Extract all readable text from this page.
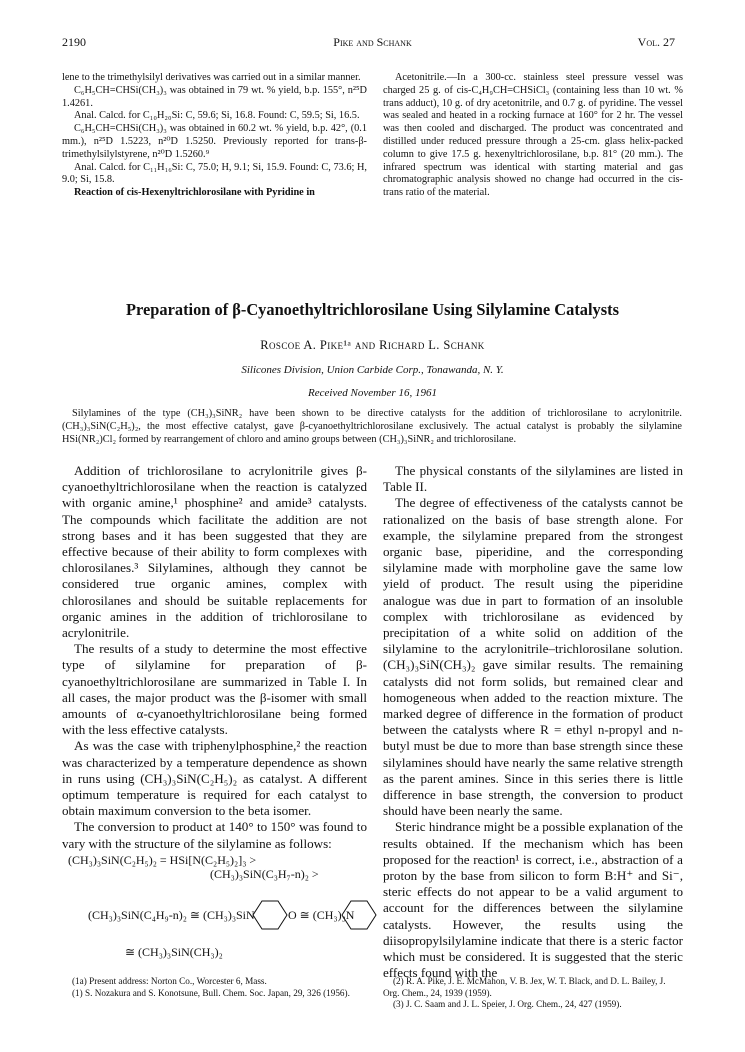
2190	Pike and Schank	Vol. 27

lene to the trimethylsilyl derivatives was carried out in a similar manner.

C₆H₅CH=CHSi(CH₃)₃ was obtained in 79 wt. % yield, b.p. 155°, n²⁵D 1.4261.

Anal. Calcd. for C₁₀H₂₀Si: C, 59.6; Si, 16.8. Found: C, 59.5; Si, 16.5.

C₆H₅CH=CHSi(CH₃)₃ was obtained in 60.2 wt. % yield, b.p. 42°, (0.1 mm.), n²⁵D 1.5223, n²⁰D 1.5250. Previously reported for trans-β-trimethylsilylstyrene, n²⁰D 1.5260.⁹

Anal. Calcd. for C₁₁H₁₆Si: C, 75.0; H, 9.1; Si, 15.9. Found: C, 73.6; H, 9.0; Si, 15.8.

Reaction of cis-Hexenyltrichlorosilane with Pyridine in

Acetonitrile.—In a 300-cc. stainless steel pressure vessel was charged 25 g. of cis-C₄H₉CH=CHSiCl₃ (containing less than 10 wt. % trans adduct), 10 g. of dry acetonitrile, and 0.7 g. of pyridine. The vessel was sealed and heated in a rocking furnace at 160° for 2 hr. The vessel was then cooled and discharged. The product was concentrated and distilled under reduced pressure through a 25-cm. glass helix-packed column to give 17.5 g. hexenyltrichlorosilane, b.p. 81° (20 mm.). The infrared spectrum was identical with starting material and gas chromatographic analysis showed no change had occurred in the cis-trans ratio of the material.

Preparation of β-Cyanoethyltrichlorosilane Using Silylamine Catalysts
Roscoe A. Pike¹ᵃ and Richard L. Schank
Silicones Division, Union Carbide Corp., Tonawanda, N. Y.
Received November 16, 1961
Silylamines of the type (CH₃)₃SiNR₂ have been shown to be directive catalysts for the addition of trichlorosilane to acrylonitrile. (CH₃)₃SiN(C₂H₅)₂, the most effective catalyst, gave β-cyanoethyltrichlorosilane exclusively. The actual catalyst is probably the silylamine HSi(NR₂)Cl₂ formed by rearrangement of chloro and amino groups between (CH₃)₃SiNR₂ and trichlorosilane.

Addition of trichlorosilane to acrylonitrile gives β-cyanoethyltrichlorosilane when the reaction is catalyzed with organic amine,¹ phosphine² and amide³ catalysts. The compounds which facilitate the addition are not strong bases and it has been suggested that they are effective because of their ability to form complexes with chlorosilanes.³ Silylamines, although they cannot be considered true organic amines, complex with chlorosilanes and should be suitable replacements for organic amines in the addition of trichlorosilane to acrylonitrile.

The results of a study to determine the most effective type of silylamine for preparation of β-cyanoethyltrichlorosilane are summarized in Table I. In all cases, the major product was the β-isomer with small amounts of α-cyanoethyltrichlorosilane being formed with the less effective catalysts.

As was the case with triphenylphosphine,² the reaction was characterized by a temperature dependence as shown in runs using (CH₃)₃SiN(C₂H₅)₂ as catalyst. A different optimum temperature is required for each catalyst to obtain maximum conversion to the beta isomer.

The conversion to product at 140° to 150° was found to vary with the structure of the silylamine as follows:

(CH₃)₃SiN(C₂H₅)₂ = HSi[N(C₂H₅)₂]₃ >
(CH₃)₃SiN(C₃H₇-n)₂ >
(CH₃)₃SiN(C₄H₉-n)₂ ≅ (CH₃)₃SiN	O ≅ (CH₃)₃N
≅ (CH₃)₃SiN(CH₃)₂

The physical constants of the silylamines are listed in Table II.

The degree of effectiveness of the catalysts cannot be rationalized on the basis of base strength alone. For example, the silylamine prepared from the strongest organic base, piperidine, and the corresponding silylamine made with morpholine gave the same low yield of product. The result using the piperidine analogue was due in part to formation of an insoluble complex with trichlorosilane as evidenced by precipitation of a white solid on addition of the silylamine to the acrylonitrile–trichlorosilane solution. (CH₃)₃SiN(CH₃)₂ gave similar results. The remaining catalysts did not form solids, but remained clear and homogeneous when added to the reaction mixture. The marked degree of difference in the formation of product between the catalysts where R = ethyl n-propyl and n-butyl must be due to more than base strength since these silylamines should have nearly the same relative strength as the parent amines. Since in this series there is little difference in base strength, the conversion to product should have been nearly the same.

Steric hindrance might be a possible explanation of the results obtained. If the mechanism which has been proposed for the reaction¹ is correct, i.e., abstraction of a proton by the base from silicon to form B:H⁺ and Si⁻, steric effects do not appear to be a valid argument to account for the differences between the silylamine catalysts. However, the results using the diisopropylsilylamine indicate that there is a steric factor which must be considered. It is suggested that the steric effects found with the

(1a) Present address: Norton Co., Worcester 6, Mass.

(1) S. Nozakura and S. Konotsune, Bull. Chem. Soc. Japan, 29, 326 (1956).

(2) R. A. Pike, J. E. McMahon, V. B. Jex, W. T. Black, and D. L. Bailey, J. Org. Chem., 24, 1939 (1959).

(3) J. C. Saam and J. L. Speier, J. Org. Chem., 24, 427 (1959).
